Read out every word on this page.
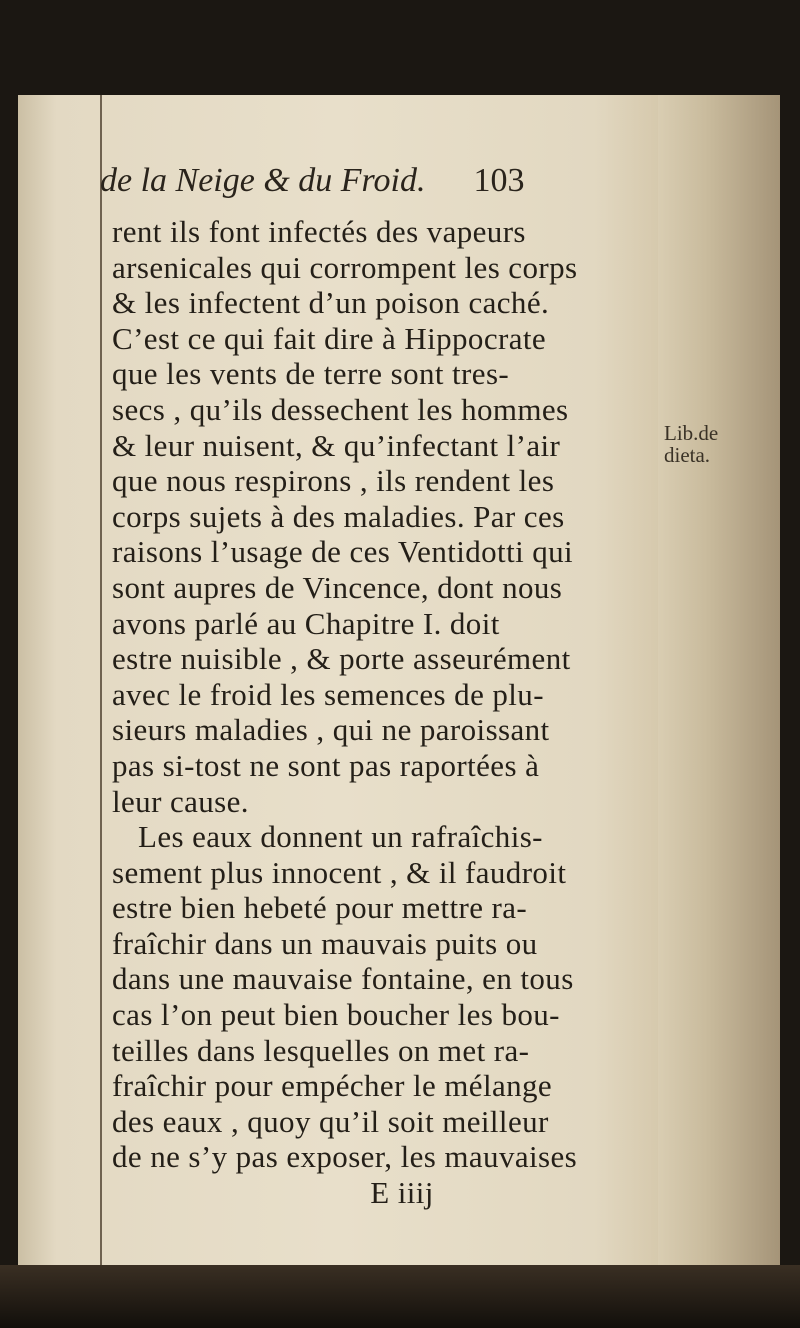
de la Neige & du Froid. 103
rent ils font infectés des vapeurs
arsenicales qui corrompent les corps
& les infectent d’un poison caché.
C’est ce qui fait dire à Hippocrate
que les vents de terre sont tres-
secs , qu’ils dessechent les hommes
& leur nuisent, & qu’infectant l’air
que nous respirons , ils rendent les
corps sujets à des maladies. Par ces
raisons l’usage de ces Ventidotti qui
sont aupres de Vincence, dont nous
avons parlé au Chapitre I. doit
estre nuisible , & porte asseurément
avec le froid les semences de plu-
sieurs maladies , qui ne paroissant
pas si-tost ne sont pas raportées à
leur cause.
Les eaux donnent un rafraîchis-
sement plus innocent , & il faudroit
estre bien hebeté pour mettre ra-
fraîchir dans un mauvais puits ou
dans une mauvaise fontaine, en tous
cas l’on peut bien boucher les bou-
teilles dans lesquelles on met ra-
fraîchir pour empécher le mélange
des eaux , quoy qu’il soit meilleur
de ne s’y pas exposer, les mauvaises
E iiij
Lib.de
dieta.
